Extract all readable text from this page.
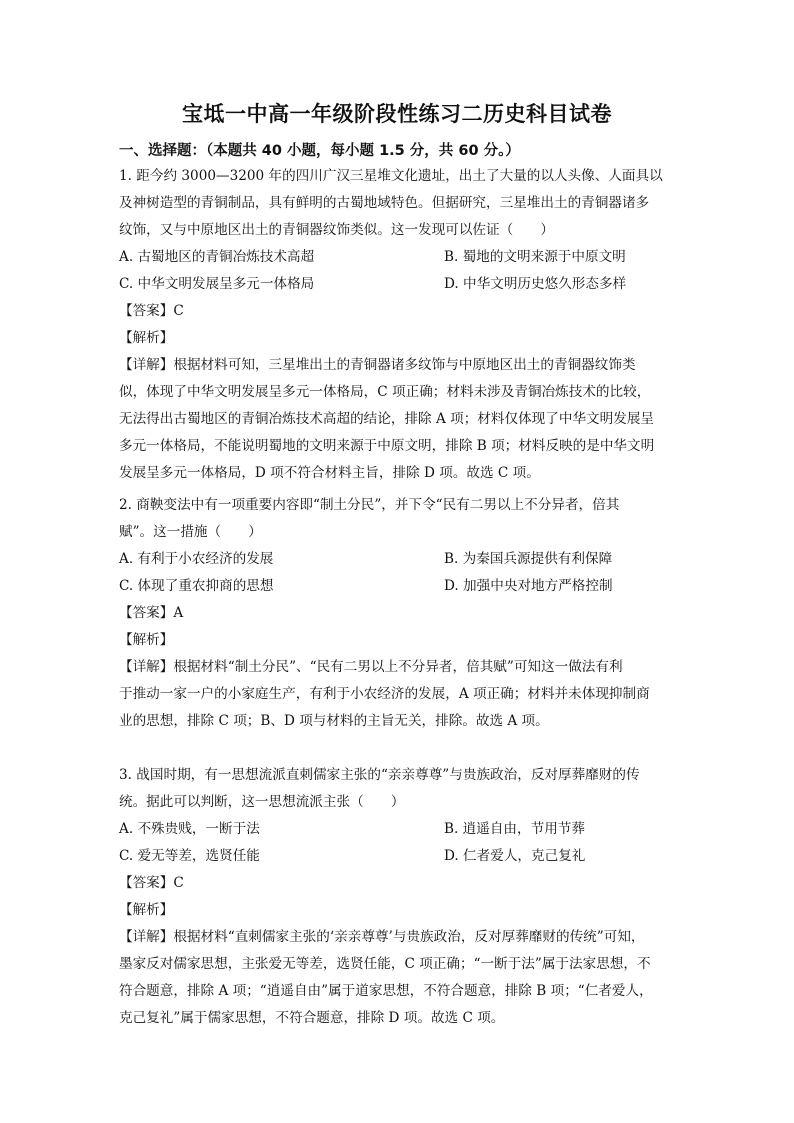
宝坻一中高一年级阶段性练习二历史科目试卷
一、选择题：（本题共 40 小题，每小题 1.5 分，共 60 分。）
1. 距今约 3000—3200 年的四川广汉三星堆文化遗址，出土了大量的以人头像、人面具以
及神树造型的青铜制品，具有鲜明的古蜀地域特色。但据研究，三星堆出土的青铜器诸多
纹饰，又与中原地区出土的青铜器纹饰类似。这一发现可以佐证（　　）
A. 古蜀地区的青铜冶炼技术高超	B. 蜀地的文明来源于中原文明
C. 中华文明发展呈多元一体格局	D. 中华文明历史悠久形态多样
【答案】C
【解析】
【详解】根据材料可知，三星堆出土的青铜器诸多纹饰与中原地区出土的青铜器纹饰类
似，体现了中华文明发展呈多元一体格局，C 项正确；材料未涉及青铜冶炼技术的比较，
无法得出古蜀地区的青铜冶炼技术高超的结论，排除 A 项；材料仅体现了中华文明发展呈
多元一体格局，不能说明蜀地的文明来源于中原文明，排除 B 项；材料反映的是中华文明
发展呈多元一体格局，D 项不符合材料主旨，排除 D 项。故选 C 项。
2. 商鞅变法中有一项重要内容即“制土分民”，并下令“民有二男以上不分异者，倍其
赋”。这一措施（　　）
A. 有利于小农经济的发展	B. 为秦国兵源提供有利保障
C. 体现了重农抑商的思想	D. 加强中央对地方严格控制
【答案】A
【解析】
【详解】根据材料“制土分民”、“民有二男以上不分异者，倍其赋”可知这一做法有利
于推动一家一户的小家庭生产，有利于小农经济的发展，A 项正确；材料并未体现抑制商
业的思想，排除 C 项；B、D 项与材料的主旨无关，排除。故选 A 项。
3. 战国时期，有一思想流派直刺儒家主张的“亲亲尊尊”与贵族政治，反对厚葬靡财的传
统。据此可以判断，这一思想流派主张（　　）
A. 不殊贵贱，一断于法	B. 逍遥自由，节用节葬
C. 爱无等差，选贤任能	D. 仁者爱人，克己复礼
【答案】C
【解析】
【详解】根据材料“直刺儒家主张的‘亲亲尊尊’与贵族政治，反对厚葬靡财的传统”可知，
墨家反对儒家思想，主张爱无等差，选贤任能，C 项正确；“一断于法”属于法家思想，不
符合题意，排除 A 项；“逍遥自由”属于道家思想，不符合题意，排除 B 项；“仁者爱人，
克己复礼”属于儒家思想，不符合题意，排除 D 项。故选 C 项。
